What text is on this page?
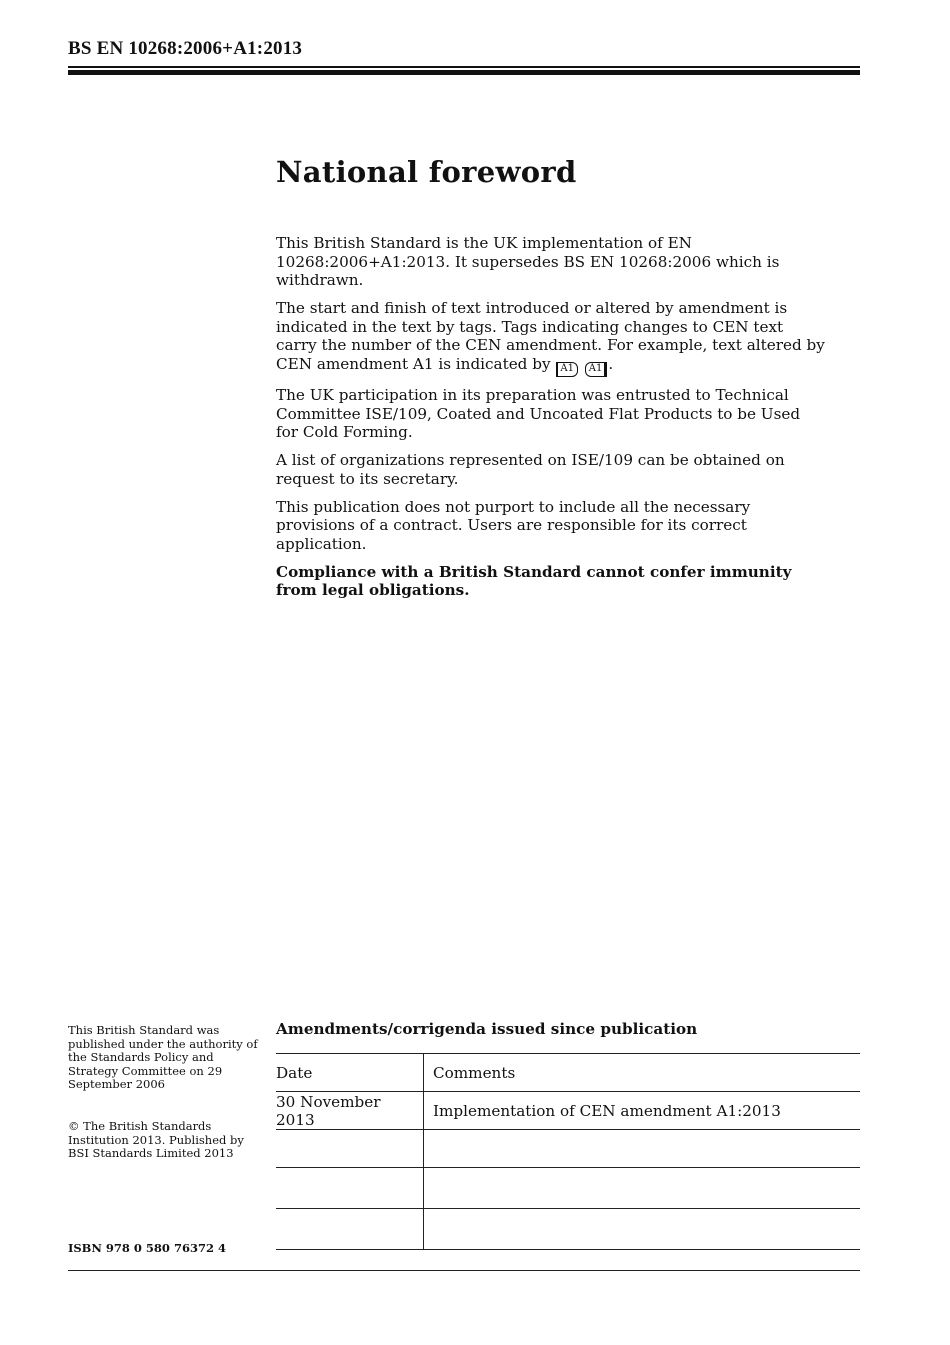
BS EN 10268:2006+A1:2013
National foreword

This British Standard is the UK implementation of EN 10268:2006+A1:2013. It supersedes BS EN 10268:2006 which is withdrawn.

The start and finish of text introduced or altered by amendment is indicated in the text by tags. Tags indicating changes to CEN text carry the number of the CEN amendment. For example, text altered by CEN amendment A1 is indicated by A1 A1 .

The UK participation in its preparation was entrusted to Technical Committee ISE/109, Coated and Uncoated Flat Products to be Used for Cold Forming.

A list of organizations represented on ISE/109 can be obtained on request to its secretary.

This publication does not purport to include all the necessary provisions of a contract. Users are responsible for its correct application.

Compliance with a British Standard cannot confer immunity from legal obligations.

This British Standard was published under the authority of the Standards Policy and Strategy Committee on 29 September 2006
© The British Standards Institution 2013. Published by BSI Standards Limited 2013
ISBN 978 0 580 76372 4
Amendments/corrigenda issued since publication
Date	Comments
30 November 2013	Implementation of CEN amendment A1:2013
